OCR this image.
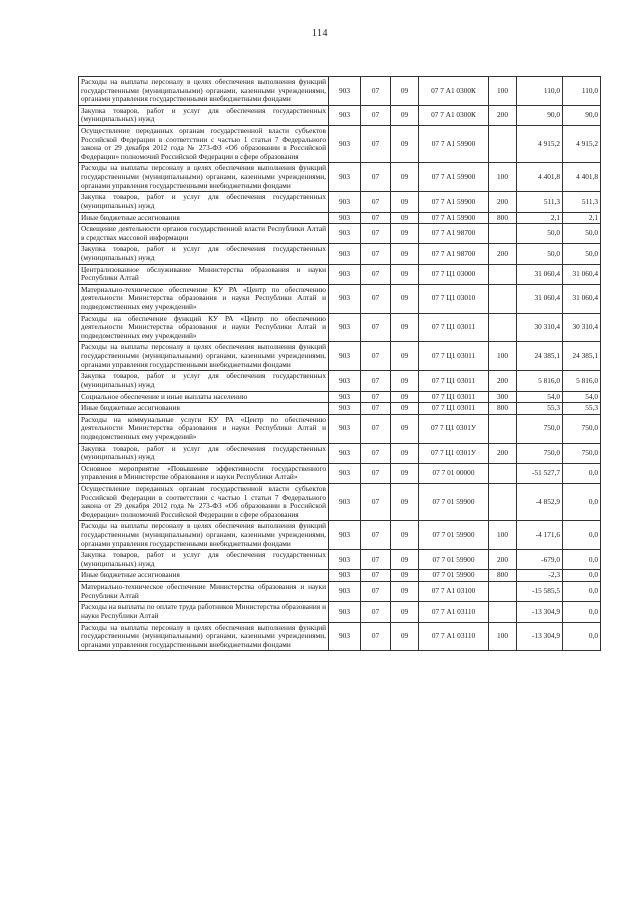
114
Расходы на выплаты персоналу в целях обеспечения выполнения функций государственными (муниципальными) органами, казенными учреждениями, органами управления государственными внебюджетными фондами	903	07	09	07 7 А1 0300К	100	110,0	110,0
Закупка товаров, работ и услуг для обеспечения государственных (муниципальных) нужд	903	07	09	07 7 А1 0300К	200	90,0	90,0
Осуществление переданных органам государственной власти субъектов Российской Федерации в соответствии с частью 1 статьи 7 Федерального закона от 29 декабря 2012 года № 273-ФЗ «Об образовании в Российской Федерации» полномочий Российской Федерации в сфере образования	903	07	09	07 7 А1 59900		4 915,2	4 915,2
Расходы на выплаты персоналу в целях обеспечения выполнения функций государственными (муниципальными) органами, казенными учреждениями, органами управления государственными внебюджетными фондами	903	07	09	07 7 А1 59900	100	4 401,8	4 401,8
Закупка товаров, работ и услуг для обеспечения государственных (муниципальных) нужд	903	07	09	07 7 А1 59900	200	511,3	511,3
Иные бюджетные ассигнования	903	07	09	07 7 А1 59900	800	2,1	2,1
Освещение деятельности органов государственной власти Республики Алтай в средствах массовой информации	903	07	09	07 7 А1 98700		50,0	50,0
Закупка товаров, работ и услуг для обеспечения государственных (муниципальных) нужд	903	07	09	07 7 А1 98700	200	50,0	50,0
Централизованное обслуживание Министерства образования и науки Республики Алтай	903	07	09	07 7 Ц1 03000		31 060,4	31 060,4
Материально-техническое обеспечение КУ РА «Центр по обеспечению деятельности Министерства образования и науки Республики Алтай и подведомственных ему учреждений»	903	07	09	07 7 Ц1 03010		31 060,4	31 060,4
Расходы на обеспечение функций КУ РА «Центр по обеспечению деятельности Министерства образования и науки Республики Алтай и подведомственных ему учреждений»	903	07	09	07 7 Ц1 03011		30 310,4	30 310,4
Расходы на выплаты персоналу в целях обеспечения выполнения функций государственными (муниципальными) органами, казенными учреждениями, органами управления государственными внебюджетными фондами	903	07	09	07 7 Ц1 03011	100	24 385,1	24 385,1
Закупка товаров, работ и услуг для обеспечения государственных (муниципальных) нужд	903	07	09	07 7 Ц1 03011	200	5 816,0	5 816,0
Социальное обеспечение и иные выплаты населению	903	07	09	07 7 Ц1 03011	300	54,0	54,0
Иные бюджетные ассигнования	903	07	09	07 7 Ц1 03011	800	55,3	55,3
Расходы на коммунальные услуги КУ РА «Центр по обеспечению деятельности Министерства образования и науки Республики Алтай и подведомственных ему учреждений»	903	07	09	07 7 Ц1 0301У		750,0	750,0
Закупка товаров, работ и услуг для обеспечения государственных (муниципальных) нужд	903	07	09	07 7 Ц1 0301У	200	750,0	750,0
Основное мероприятие «Повышение эффективности государственного управления в Министерстве образования и науки Республики Алтай»	903	07	09	07 7 01 00000		-51 527,7	0,0
Осуществление переданных органам государственной власти субъектов Российской Федерации в соответствии с частью 1 статьи 7 Федерального закона от 29 декабря 2012 года № 273-ФЗ «Об образовании в Российской Федерации» полномочий Российской Федерации в сфере образования	903	07	09	07 7 01 59900		-4 852,9	0,0
Расходы на выплаты персоналу в целях обеспечения выполнения функций государственными (муниципальными) органами, казенными учреждениями, органами управления государственными внебюджетными фондами	903	07	09	07 7 01 59900	100	-4 171,6	0,0
Закупка товаров, работ и услуг для обеспечения государственных (муниципальных) нужд	903	07	09	07 7 01 59900	200	-679,0	0,0
Иные бюджетные ассигнования	903	07	09	07 7 01 59900	800	-2,3	0,0
Материально-техническое обеспечение Министерства образования и науки Республики Алтай	903	07	09	07 7 А1 03100		-15 585,5	0,0
Расходы на выплаты по оплате труда работников Министерства образования и науки Республики Алтай	903	07	09	07 7 А1 03110		-13 304,9	0,0
Расходы на выплаты персоналу в целях обеспечения выполнения функций государственными (муниципальными) органами, казенными учреждениями, органами управления государственными внебюджетными фондами	903	07	09	07 7 А1 03110	100	-13 304,9	0,0
